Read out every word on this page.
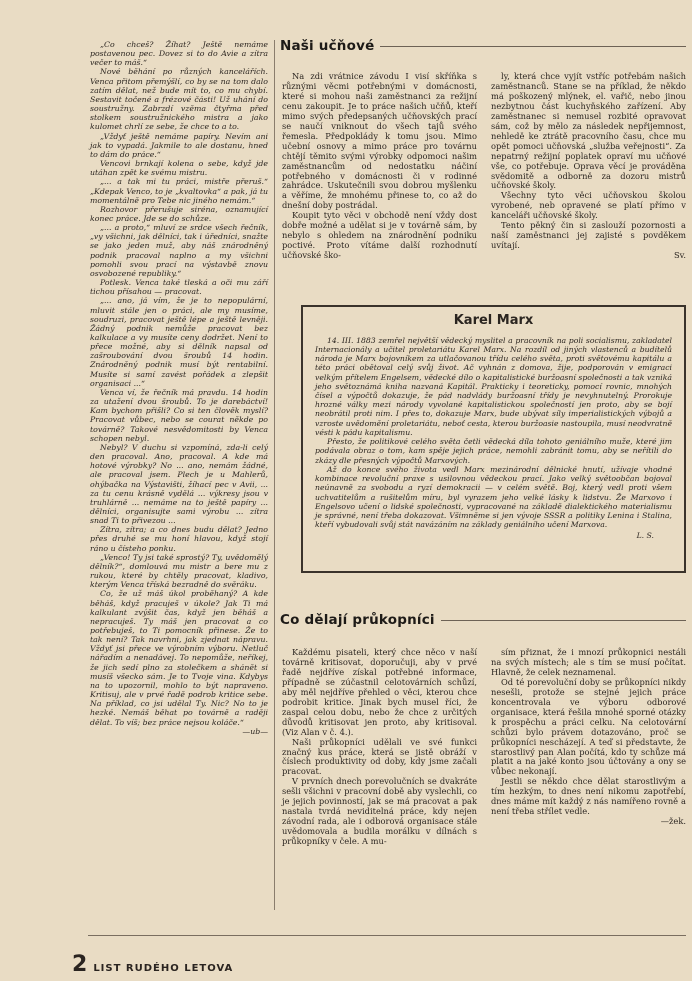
„Co chceš? Žíhat? Ještě nemáme postavenou pec. Dovez si to do Avie a zítra večer to máš.“

Nové běhání po různých kancelářích. Venca přitom přemýšlí, co by se na tom dalo zatím dělat, než bude mít to, co mu chybí. Sestavit točené a frézové části! Už uhání do soustružny. Zabrzdí vzěma čtyřma před stolkem soustružnického mistra a jako kulomet chrlí ze sebe, že chce to a to.

„Vždyť ještě nemáme papíry. Nevím ani jak to vypadá. Jakmile to ale dostanu, hned to dám do práce.“

Vencovi brnkají kolena o sebe, když jde utáhan zpět ke svému mistru.

„... a tak mi tu práci, mistře přeruš.“ „Kdepak Venco, to je „kvaltovka“ a pak, já tu momentálně pro Tebe nic jiného nemám.“

Rozhovor přerušuje siréna, oznamující konec práce. Jde se do schůze.

„... a proto,“ mluví ze srdce všech řečník, „vy všichni, jak dělníci, tak i úředníci, snažte se jako jeden muž, aby náš znárodněný podnik pracoval naplno a my všichni pomohli svou prací na výstavbě znovu osvobozené republiky.“

Potlesk. Venca také tleská a oči mu září tichou přísahou — pracovat.

„... ano, já vím, že je to nepopulární, mluvit stále jen o práci, ale my musíme, soudruzi, pracovat ještě lépe a ještě levněji. Žádný podnik nemůže pracovat bez kalkulace a vy musíte ceny dodržet. Není to přece možné, aby si dělník napsal od zašroubování dvou šroubů 14 hodin. Znárodněný podnik musí být rentabilní. Musíte si samí zavést pořádek a zlepšit organisaci ...“

Venca ví, že řečník má pravdu. 14 hodin za utažení dvou šroubů. To je darebáctví! Kam bychom přišli? Co si ten člověk myslí? Pracovat vůbec, nebo se courat někde po továrně? Takové nesvědomitosti by Venca schopen nebyl.

Nebyl? V duchu si vzpomíná, zda-li celý den pracoval. Ano, pracoval. A kde má hotové výrobky? No ... ano, nemám žádné, ale pracoval jsem. Plech je u Mahlerů, ohýbačka na Výstavišti, žíhací pec v Avii, ... za tu cenu krásně vydělá ... výkresy jsou v truhlárně ... nemáme na to ještě papíry ... dělníci, organisujte sami výrobu ... zítra snad Ti to přivezou ...

Zítra, zítra; a co dnes budu dělat? Jedno přes druhé se mu honí hlavou, když stojí ráno u čísteho ponku.

„Venco! Ty jsi také sprostý? Ty, uvědomělý dělník?“, domlouvá mu mistr a bere mu z rukou, které by chtěly pracovat, kladivo, kterým Venca tříská bezradně do svěráku.

Co, že už máš úkol proběhaný? A kde běháš, když pracuješ v úkole? Jak Ti má kalkulant zvýšit čas, když jen běháš a nepracuješ. Ty máš jen pracovat a co potřebuješ, to Ti pomocník přinese. Že to tak není? Tak navrhni, jak zjednat nápravu. Vždyť jsi přece ve výrobním výboru. Netluč nářadím a nenadávej. To nepomůže, neříkej, že jich sedí plno za stolečkem a shánět si musíš všecko sám. Je to Tvoje vina. Kdybys na to upozornil, mohlo to být napraveno. Kritisuj, ale v prvé řadě podrob kritice sebe. Na příklad, co jsi udělal Ty. Nic? No to je hezké. Nemáš běhat po továrně a raději dělat. To víš; bez práce nejsou koláče.“

—ub—

Naši učňové

Na zdi vrátnice závodu I visí skříňka s různými věcmi potřebnými v domácnosti, které si mohou naši zaměstnanci za režijní cenu zakoupit. Je to práce našich učňů, kteří mimo svých předepsaných učňovských prací se naučí vniknout do všech tajů svého řemesla. Předpoklády k tomu jsou. Mimo učební osnovy a mimo práce pro továrnu chtějí těmito svými výrobky odpomoci našim zaměstnancům od nedostatku náčiní potřebného v domácnosti či v rodinné zahrádce. Uskutečnili svou dobrou myšlenku a věříme, že mnohému přinese to, co až do dnešní doby postrádal.

Koupit tyto věci v obchodě není vždy dost dobře možné a udělat si je v továrně sám, by nebylo s ohledem na znárodnění podniku poctivé. Proto vítáme další rozhodnutí učňovské ško-

ly, která chce vyjít vstříc potřebám našich zaměstnanců. Stane se na příklad, že někdo má poškozený mlýnek, el. vařič, nebo jinou nezbytnou část kuchyňského zařízení. Aby zaměstnanec si nemusel rozbité opravovat sám, což by mělo za následek nepřijemnost, nehledě ke ztrátě pracovního času, chce mu opět pomoci učňovská „služba veřejnosti“. Za nepatrný režijní poplatek opraví mu učňové vše, co potřebuje. Oprava věcí je prováděna svědomitě a odborně za dozoru mistrů učňovské školy.

Všechny tyto věci učňovskou školou vyrobené, neb opravené se platí přímo v kanceláři učňovské školy.

Tento pěkný čin si zaslouží pozornosti a naší zaměstnanci jej zajisté s povděkem uvítají.

Sv.

Karel Marx

14. III. 1883 zemřel největší vědecký myslitel a pracovník na poli socialismu, zakladatel Internacionály a učitel proletariátu Karel Marx. Na rozdíl od jiných vlastenců a budítelů národa je Marx bojovníkem za utlačovanou třídu celého světa, proti světovému kapitálu a této práci obětoval celý svůj život. Ač vyhnán z domova, žije, podporován v emigraci velkým přítelem Engelsem, vědecké dílo o kapitalistické buržoasní společnosti a tak vzniká jeho světoznámá kniha nazvaná Kapitál. Prakticky i teoreticky, pomocí rovnic, mnohých čísel a výpočtů dokazuje, že pád nadvlády buržoasní třídy je nevyhnutelný. Prorokuje hrozné války mezi národy vyvolané kapitalistickou společností jen proto, aby se bojí neobrátil proti nim. I přes to, dokazuje Marx, bude ubývat síly imperialistických výbojů a vzroste uvědomění proletariátu, neboť cesta, kterou buržoasie nastoupila, musí neodvratně vésti k pádu kapitalismu.

Přesto, že politikové celého světa četli vědecká díla tohoto geniálního muže, které jim podávala obraz o tom, kam spěje jejich práce, nemohli zabránit tomu, aby se neřítili do zkázy dle přesných výpočtů Marxových.

Až do konce svého života vedl Marx mezinárodní dělnické hnutí, užívaje vhodné kombinace revoluční praxe s usilovnou vědeckou prací. Jako velký světoobčan bojoval neúnavně za svobodu a ryzí demokracii — v celém světě. Boj, který vedl proti všem uchvatitelům a rušitelům míru, byl vyrazem jeho velké lásky k lidstvu. Že Marxovo i Engelsovo učení o lidské společnosti, vypracované na základě dialektického materialismu je správné, není třeba dokazovat. Všimněme si jen vývoje SSSR a politiky Lenina i Stalina, kteří vybudovali svůj stát navázáním na základy geniálního učení Marxova.

L. S.
Co dělají průkopníci

Každému pisateli, který chce něco v naší továrně kritisovat, doporučuji, aby v prvé řadě nejdříve získal potřebné informace, případně se zúčastnil celotovárních schůzí, aby měl nejdříve přehled o věci, kterou chce podrobit kritice. Jinak bych musel říci, že zaspal celou dobu, nebo že chce z určitých důvodů kritisovat jen proto, aby kritisoval. (Viz Alan v č. 4.).

Naši průkopníci udělali ve své funkci značný kus práce, která se jistě obráží v číslech produktivity od doby, kdy jsme začali pracovat.

V prvních dnech porevolučních se dvakráte sešli všichni v pracovní době aby vyslechli, co je jejich povinností, jak se má pracovat a pak nastala tvrdá neviditelná práce, kdy nejen závodní rada, ale i odborová organisace stále uvědomovala a budila morálku v dílnách s průkopníky v čele. A mu-

sím přiznat, že i mnozí průkopnici nestáli na svých místech; ale s tím se musí počítat. Hlavně, že celek neznamenal.

Od té porevoluční doby se průkopníci nikdy nesešli, protože se stejné jejich práce koncentrovala ve výboru odborové organisace, která řešila mnohé sporné otázky k prospěchu a práci celku. Na celotovární schůzi bylo právem dotazováno, proč se průkopníci nescházejí. A teď si představte, že starostlivý pan Alan počítá, kdo ty schůze má platit a na jaké konto jsou účtovány a ony se vůbec nekonají.

Jestli se někdo chce dělat starostlivým a tím hezkým, to dnes není nikomu zapotřebí, dnes máme mít každý z nás namířeno rovně a není třeba střílet vedle.

—žek.

2 LIST RUDÉHO LETOVA
